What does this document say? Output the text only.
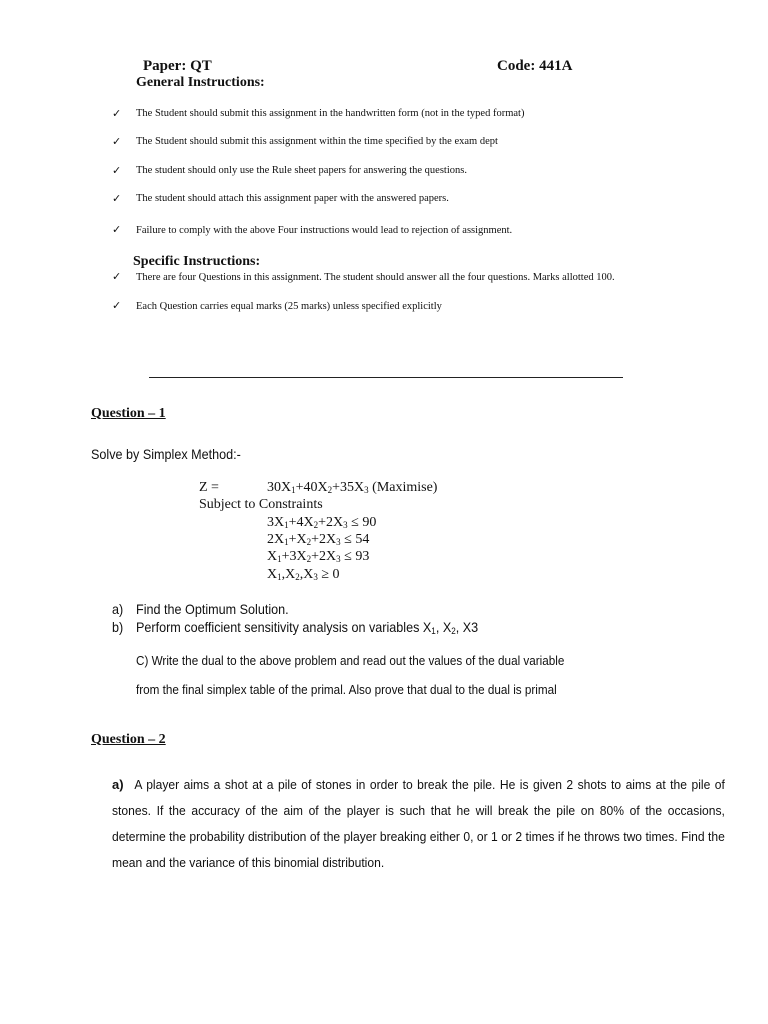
Paper: QT	Code: 441A
General Instructions:
✓ The Student should submit this assignment in the handwritten form (not in the typed format)
✓ The Student should submit this assignment within the time specified by the exam dept
✓ The student should only use the Rule sheet papers for answering the questions.
✓ The student should attach this assignment paper with the answered papers.
✓ Failure to comply with the above Four instructions would lead to rejection of assignment.
Specific Instructions:
✓ There are four Questions in this assignment. The student should answer all the four questions. Marks allotted 100.
✓ Each Question carries equal marks (25 marks) unless specified explicitly
Question – 1
Solve by Simplex Method:-
Z =	$30X_1+40X_2+35X_3$ (Maximise)
Subject to Constraints
$3X_1+4X_2+2X_3 \le 90$
$2X_1+X_2+2X_3 \le 54$
$X_1+3X_2+2X_3 \le 93$
$X_1,X_2,X_3 \ge 0$
a) Find the Optimum Solution.
b) Perform coefficient sensitivity analysis on variables $X_1$, $X_2$, X3
C) Write the dual to the above problem and read out the values of the dual variable
from the final simplex table of the primal. Also prove that dual to the dual is primal
Question – 2
a) A player aims a shot at a pile of stones in order to break the pile. He is given 2 shots to aims at the pile of stones. If the accuracy of the aim of the player is such that he will break the pile on 80% of the occasions, determine the probability distribution of the player breaking either 0, or 1 or 2 times if he throws two times. Find the mean and the variance of this binomial distribution.
